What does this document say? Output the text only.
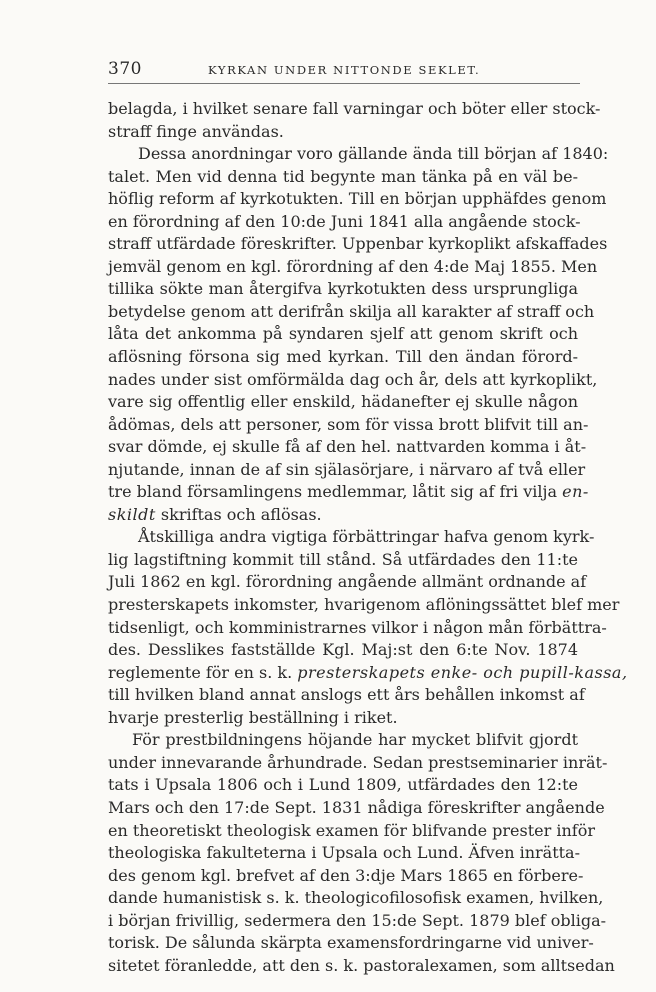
370	KYRKAN UNDER NITTONDE SEKLET.
belagda, i hvilket senare fall varningar och böter eller stock-
straff finge användas.
Dessa anordningar voro gällande ända till början af 1840:
talet. Men vid denna tid begynte man tänka på en väl be-
höflig reform af kyrkotukten. Till en början upphäfdes genom
en förordning af den 10:de Juni 1841 alla angående stock-
straff utfärdade föreskrifter. Uppenbar kyrkoplikt afskaffades
jemväl genom en kgl. förordning af den 4:de Maj 1855. Men
tillika sökte man återgifva kyrkotukten dess ursprungliga
betydelse genom att derifrån skilja all karakter af straff och
låta det ankomma på syndaren sjelf att genom skrift och
aflösning försona sig med kyrkan. Till den ändan förord-
nades under sist omförmälda dag och år, dels att kyrkoplikt,
vare sig offentlig eller enskild, hädanefter ej skulle någon
ådömas, dels att personer, som för vissa brott blifvit till an-
svar dömde, ej skulle få af den hel. nattvarden komma i åt-
njutande, innan de af sin själasörjare, i närvaro af två eller
tre bland församlingens medlemmar, låtit sig af fri vilja en-
skildt skriftas och aflösas.
Åtskilliga andra vigtiga förbättringar hafva genom kyrk-
lig lagstiftning kommit till stånd. Så utfärdades den 11:te
Juli 1862 en kgl. förordning angående allmänt ordnande af
presterskapets inkomster, hvarigenom aflöningssättet blef mer
tidsenligt, och komministrarnes vilkor i någon mån förbättra-
des. Desslikes fastställde Kgl. Maj:st den 6:te Nov. 1874
reglemente för en s. k. presterskapets enke- och pupill-kassa,
till hvilken bland annat anslogs ett års behållen inkomst af
hvarje presterlig beställning i riket.
För prestbildningens höjande har mycket blifvit gjordt
under innevarande århundrade. Sedan prestseminarier inrät-
tats i Upsala 1806 och i Lund 1809, utfärdades den 12:te
Mars och den 17:de Sept. 1831 nådiga föreskrifter angående
en theoretiskt theologisk examen för blifvande prester inför
theologiska fakulteterna i Upsala och Lund. Äfven inrätta-
des genom kgl. brefvet af den 3:dje Mars 1865 en förbere-
dande humanistisk s. k. theologicofilosofisk examen, hvilken,
i början frivillig, sedermera den 15:de Sept. 1879 blef obliga-
torisk. De sålunda skärpta examensfordringarne vid univer-
sitetet föranledde, att den s. k. pastoralexamen, som alltsedan
